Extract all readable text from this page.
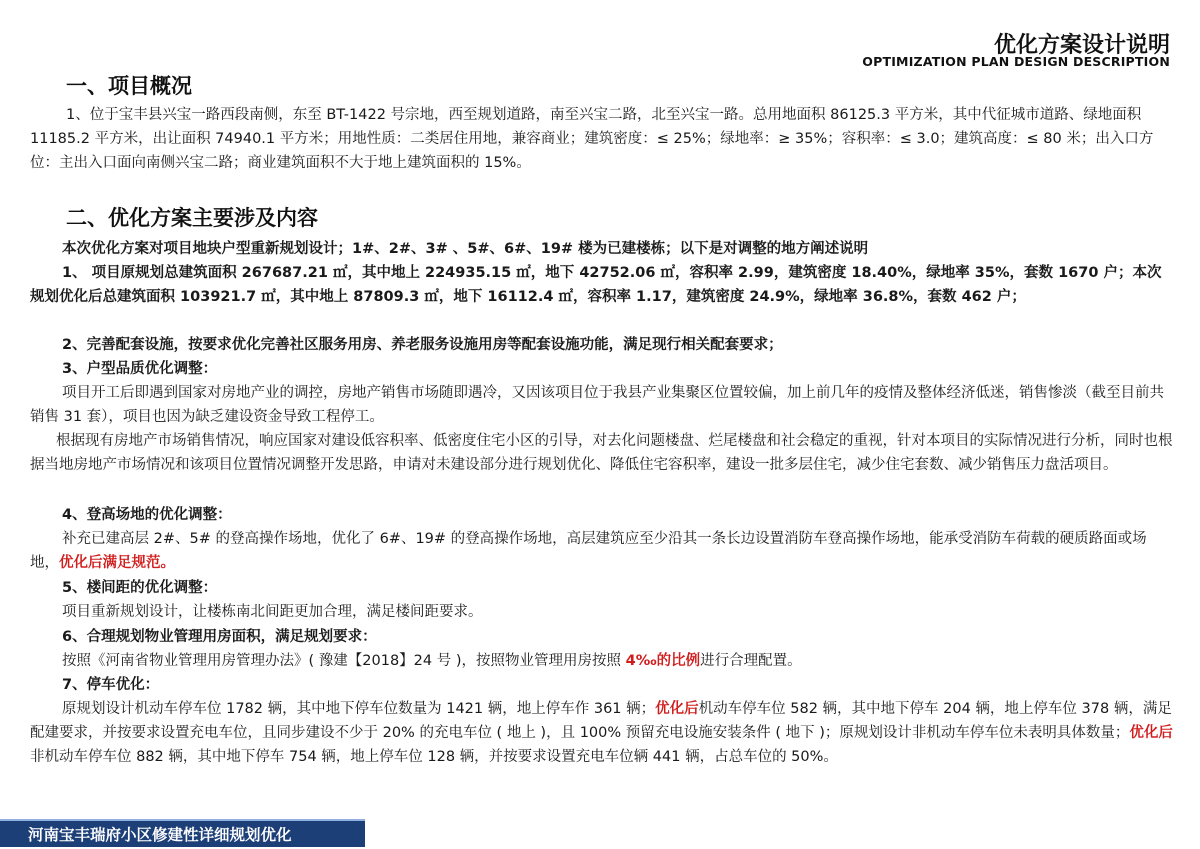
优化方案设计说明
OPTIMIZATION PLAN DESIGN DESCRIPTION
一、项目概况

1、位于宝丰县兴宝一路西段南侧，东至 BT-1422 号宗地，西至规划道路，南至兴宝二路，北至兴宝一路。总用地面积 86125.3 平方米，其中代征城市道路、绿地面积 11185.2 平方米，出让面积 74940.1 平方米；用地性质：二类居住用地，兼容商业；建筑密度：≤ 25%；绿地率：≥ 35%；容积率：≤ 3.0；建筑高度：≤ 80 米；出入口方位：主出入口面向南侧兴宝二路；商业建筑面积不大于地上建筑面积的 15%。

二、优化方案主要涉及内容

本次优化方案对项目地块户型重新规划设计；1#、2#、3# 、5#、6#、19# 楼为已建楼栋；以下是对调整的地方阐述说明

1、 项目原规划总建筑面积 267687.21 ㎡，其中地上 224935.15 ㎡，地下 42752.06 ㎡，容积率 2.99，建筑密度 18.40%，绿地率 35%，套数 1670 户；本次规划优化后总建筑面积 103921.7 ㎡，其中地上 87809.3 ㎡，地下 16112.4 ㎡，容积率 1.17，建筑密度 24.9%，绿地率 36.8%，套数 462 户；

2、完善配套设施，按要求优化完善社区服务用房、养老服务设施用房等配套设施功能，满足现行相关配套要求；

3、户型品质优化调整：

项目开工后即遇到国家对房地产业的调控，房地产销售市场随即遇冷，又因该项目位于我县产业集聚区位置较偏，加上前几年的疫情及整体经济低迷，销售惨淡（截至目前共销售 31 套），项目也因为缺乏建设资金导致工程停工。

根据现有房地产市场销售情况，响应国家对建设低容积率、低密度住宅小区的引导，对去化问题楼盘、烂尾楼盘和社会稳定的重视，针对本项目的实际情况进行分析，同时也根据当地房地产市场情况和该项目位置情况调整开发思路，申请对未建设部分进行规划优化、降低住宅容积率，建设一批多层住宅，减少住宅套数、减少销售压力盘活项目。

4、登高场地的优化调整：

补充已建高层 2#、5# 的登高操作场地，优化了 6#、19# 的登高操作场地，高层建筑应至少沿其一条长边设置消防车登高操作场地，能承受消防车荷载的硬质路面或场地，优化后满足规范。

5、楼间距的优化调整：

项目重新规划设计，让楼栋南北间距更加合理，满足楼间距要求。

6、合理规划物业管理用房面积，满足规划要求：

按照《河南省物业管理用房管理办法》( 豫建【2018】24 号 )，按照物业管理用房按照 4‰的比例进行合理配置。

7、停车优化：

原规划设计机动车停车位 1782 辆，其中地下停车位数量为 1421 辆，地上停车作 361 辆；优化后机动车停车位 582 辆，其中地下停车 204 辆，地上停车位 378 辆，满足配建要求，并按要求设置充电车位，且同步建设不少于 20% 的充电车位 ( 地上 )，且 100% 预留充电设施安装条件 ( 地下 )；原规划设计非机动车停车位未表明具体数量；优化后非机动车停车位 882 辆，其中地下停车 754 辆，地上停车位 128 辆，并按要求设置充电车位辆 441 辆，占总车位的 50%。

河南宝丰瑞府小区修建性详细规划优化
